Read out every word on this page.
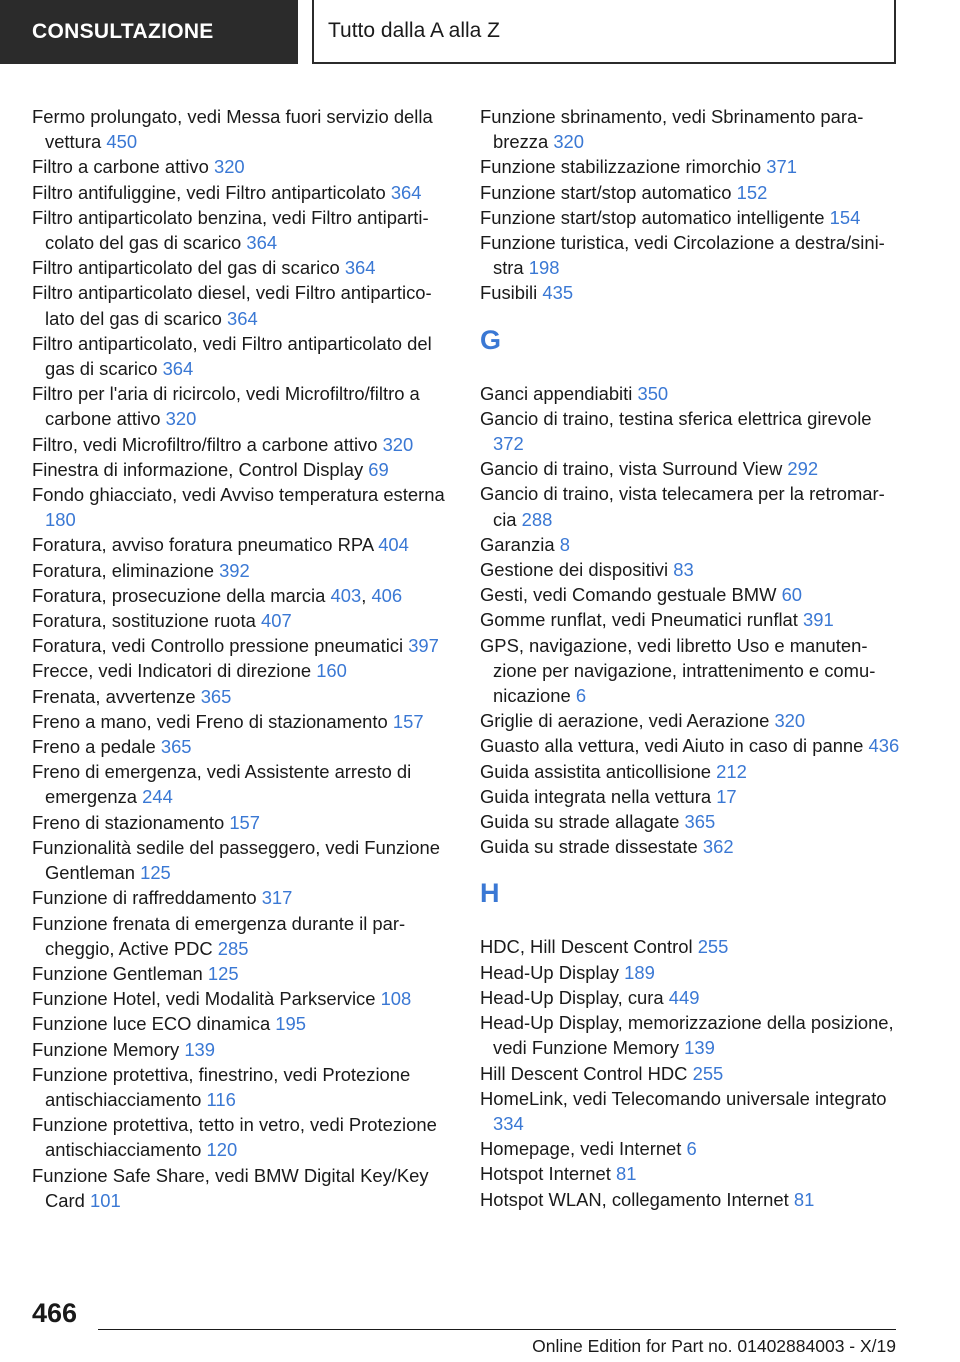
CONSULTAZIONE	Tutto dalla A alla Z
Fermo prolungato, vedi Messa fuori servizio della vettura 450
Filtro a carbone attivo 320
Filtro antifuliggine, vedi Filtro antiparticolato 364
Filtro antiparticolato benzina, vedi Filtro antiparticolato del gas di scarico 364
Filtro antiparticolato del gas di scarico 364
Filtro antiparticolato diesel, vedi Filtro antiparticolato del gas di scarico 364
Filtro antiparticolato, vedi Filtro antiparticolato del gas di scarico 364
Filtro per l'aria di ricircolo, vedi Microfiltro/filtro a carbone attivo 320
Filtro, vedi Microfiltro/filtro a carbone attivo 320
Finestra di informazione, Control Display 69
Fondo ghiacciato, vedi Avviso temperatura esterna 180
Foratura, avviso foratura pneumatico RPA 404
Foratura, eliminazione 392
Foratura, prosecuzione della marcia 403, 406
Foratura, sostituzione ruota 407
Foratura, vedi Controllo pressione pneumatici 397
Frecce, vedi Indicatori di direzione 160
Frenata, avvertenze 365
Freno a mano, vedi Freno di stazionamento 157
Freno a pedale 365
Freno di emergenza, vedi Assistente arresto di emergenza 244
Freno di stazionamento 157
Funzionalità sedile del passeggero, vedi Funzione Gentleman 125
Funzione di raffreddamento 317
Funzione frenata di emergenza durante il parcheggio, Active PDC 285
Funzione Gentleman 125
Funzione Hotel, vedi Modalità Parkservice 108
Funzione luce ECO dinamica 195
Funzione Memory 139
Funzione protettiva, finestrino, vedi Protezione antischiacciamento 116
Funzione protettiva, tetto in vetro, vedi Protezione antischiacciamento 120
Funzione Safe Share, vedi BMW Digital Key/Key Card 101
Funzione sbrinamento, vedi Sbrinamento parabrezza 320
Funzione stabilizzazione rimorchio 371
Funzione start/stop automatico 152
Funzione start/stop automatico intelligente 154
Funzione turistica, vedi Circolazione a destra/sinistra 198
Fusibili 435
G
Ganci appendiabiti 350
Gancio di traino, testina sferica elettrica girevole 372
Gancio di traino, vista Surround View 292
Gancio di traino, vista telecamera per la retromarcia 288
Garanzia 8
Gestione dei dispositivi 83
Gesti, vedi Comando gestuale BMW 60
Gomme runflat, vedi Pneumatici runflat 391
GPS, navigazione, vedi libretto Uso e manutenzione per navigazione, intrattenimento e comunicazione 6
Griglie di aerazione, vedi Aerazione 320
Guasto alla vettura, vedi Aiuto in caso di panne 436
Guida assistita anticollisione 212
Guida integrata nella vettura 17
Guida su strade allagate 365
Guida su strade dissestate 362
H
HDC, Hill Descent Control 255
Head-Up Display 189
Head-Up Display, cura 449
Head-Up Display, memorizzazione della posizione, vedi Funzione Memory 139
Hill Descent Control HDC 255
HomeLink, vedi Telecomando universale integrato 334
Homepage, vedi Internet 6
Hotspot Internet 81
Hotspot WLAN, collegamento Internet 81
466
Online Edition for Part no. 01402884003 - X/19
